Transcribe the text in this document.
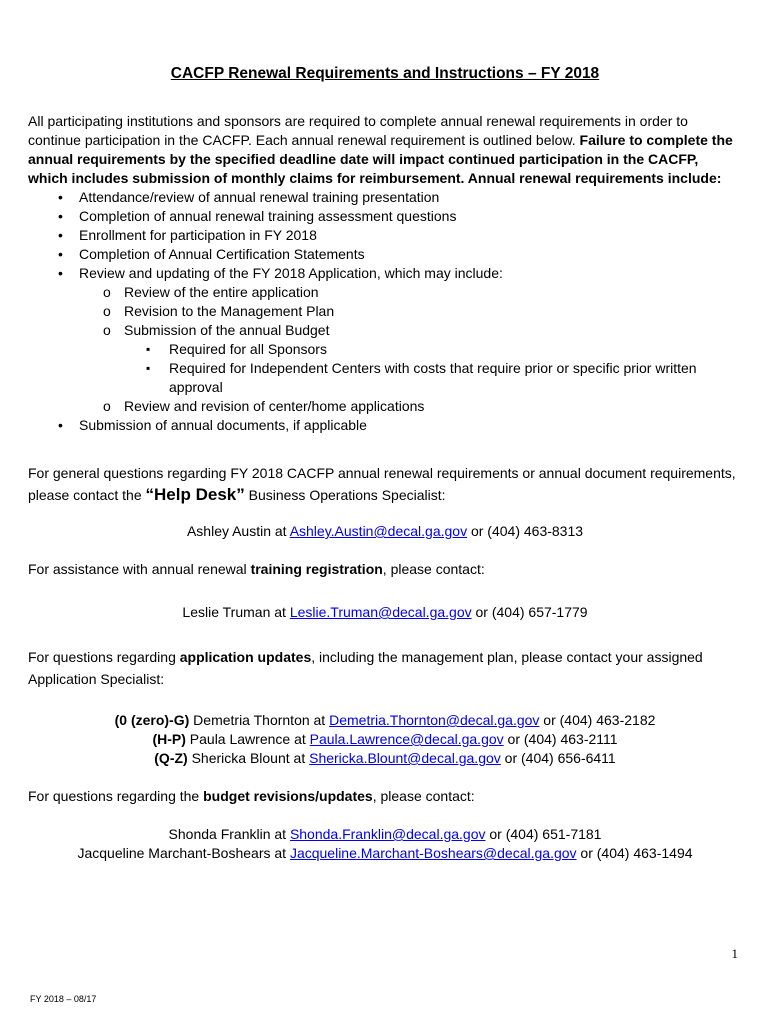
CACFP Renewal Requirements and Instructions – FY 2018

All participating institutions and sponsors are required to complete annual renewal requirements in order to continue participation in the CACFP. Each annual renewal requirement is outlined below. Failure to complete the annual requirements by the specified deadline date will impact continued participation in the CACFP, which includes submission of monthly claims for reimbursement. Annual renewal requirements include:

• Attendance/review of annual renewal training presentation
• Completion of annual renewal training assessment questions
• Enrollment for participation in FY 2018
• Completion of Annual Certification Statements
• Review and updating of the FY 2018 Application, which may include:
o Review of the entire application
o Revision to the Management Plan
o Submission of the annual Budget
▪ Required for all Sponsors
▪ Required for Independent Centers with costs that require prior or specific prior written approval
o Review and revision of center/home applications
• Submission of annual documents, if applicable
For general questions regarding FY 2018 CACFP annual renewal requirements or annual document requirements, please contact the “Help Desk” Business Operations Specialist:
Ashley Austin at Ashley.Austin@decal.ga.gov or (404) 463-8313
For assistance with annual renewal training registration, please contact:
Leslie Truman at Leslie.Truman@decal.ga.gov or (404) 657-1779
For questions regarding application updates, including the management plan, please contact your assigned Application Specialist:
(0 (zero)-G) Demetria Thornton at Demetria.Thornton@decal.ga.gov or (404) 463-2182
(H-P) Paula Lawrence at Paula.Lawrence@decal.ga.gov or (404) 463-2111
(Q-Z) Shericka Blount at Shericka.Blount@decal.ga.gov or (404) 656-6411
For questions regarding the budget revisions/updates, please contact:
Shonda Franklin at Shonda.Franklin@decal.ga.gov or (404) 651-7181
Jacqueline Marchant-Boshears at Jacqueline.Marchant-Boshears@decal.ga.gov or (404) 463-1494
1
FY 2018 – 08/17
